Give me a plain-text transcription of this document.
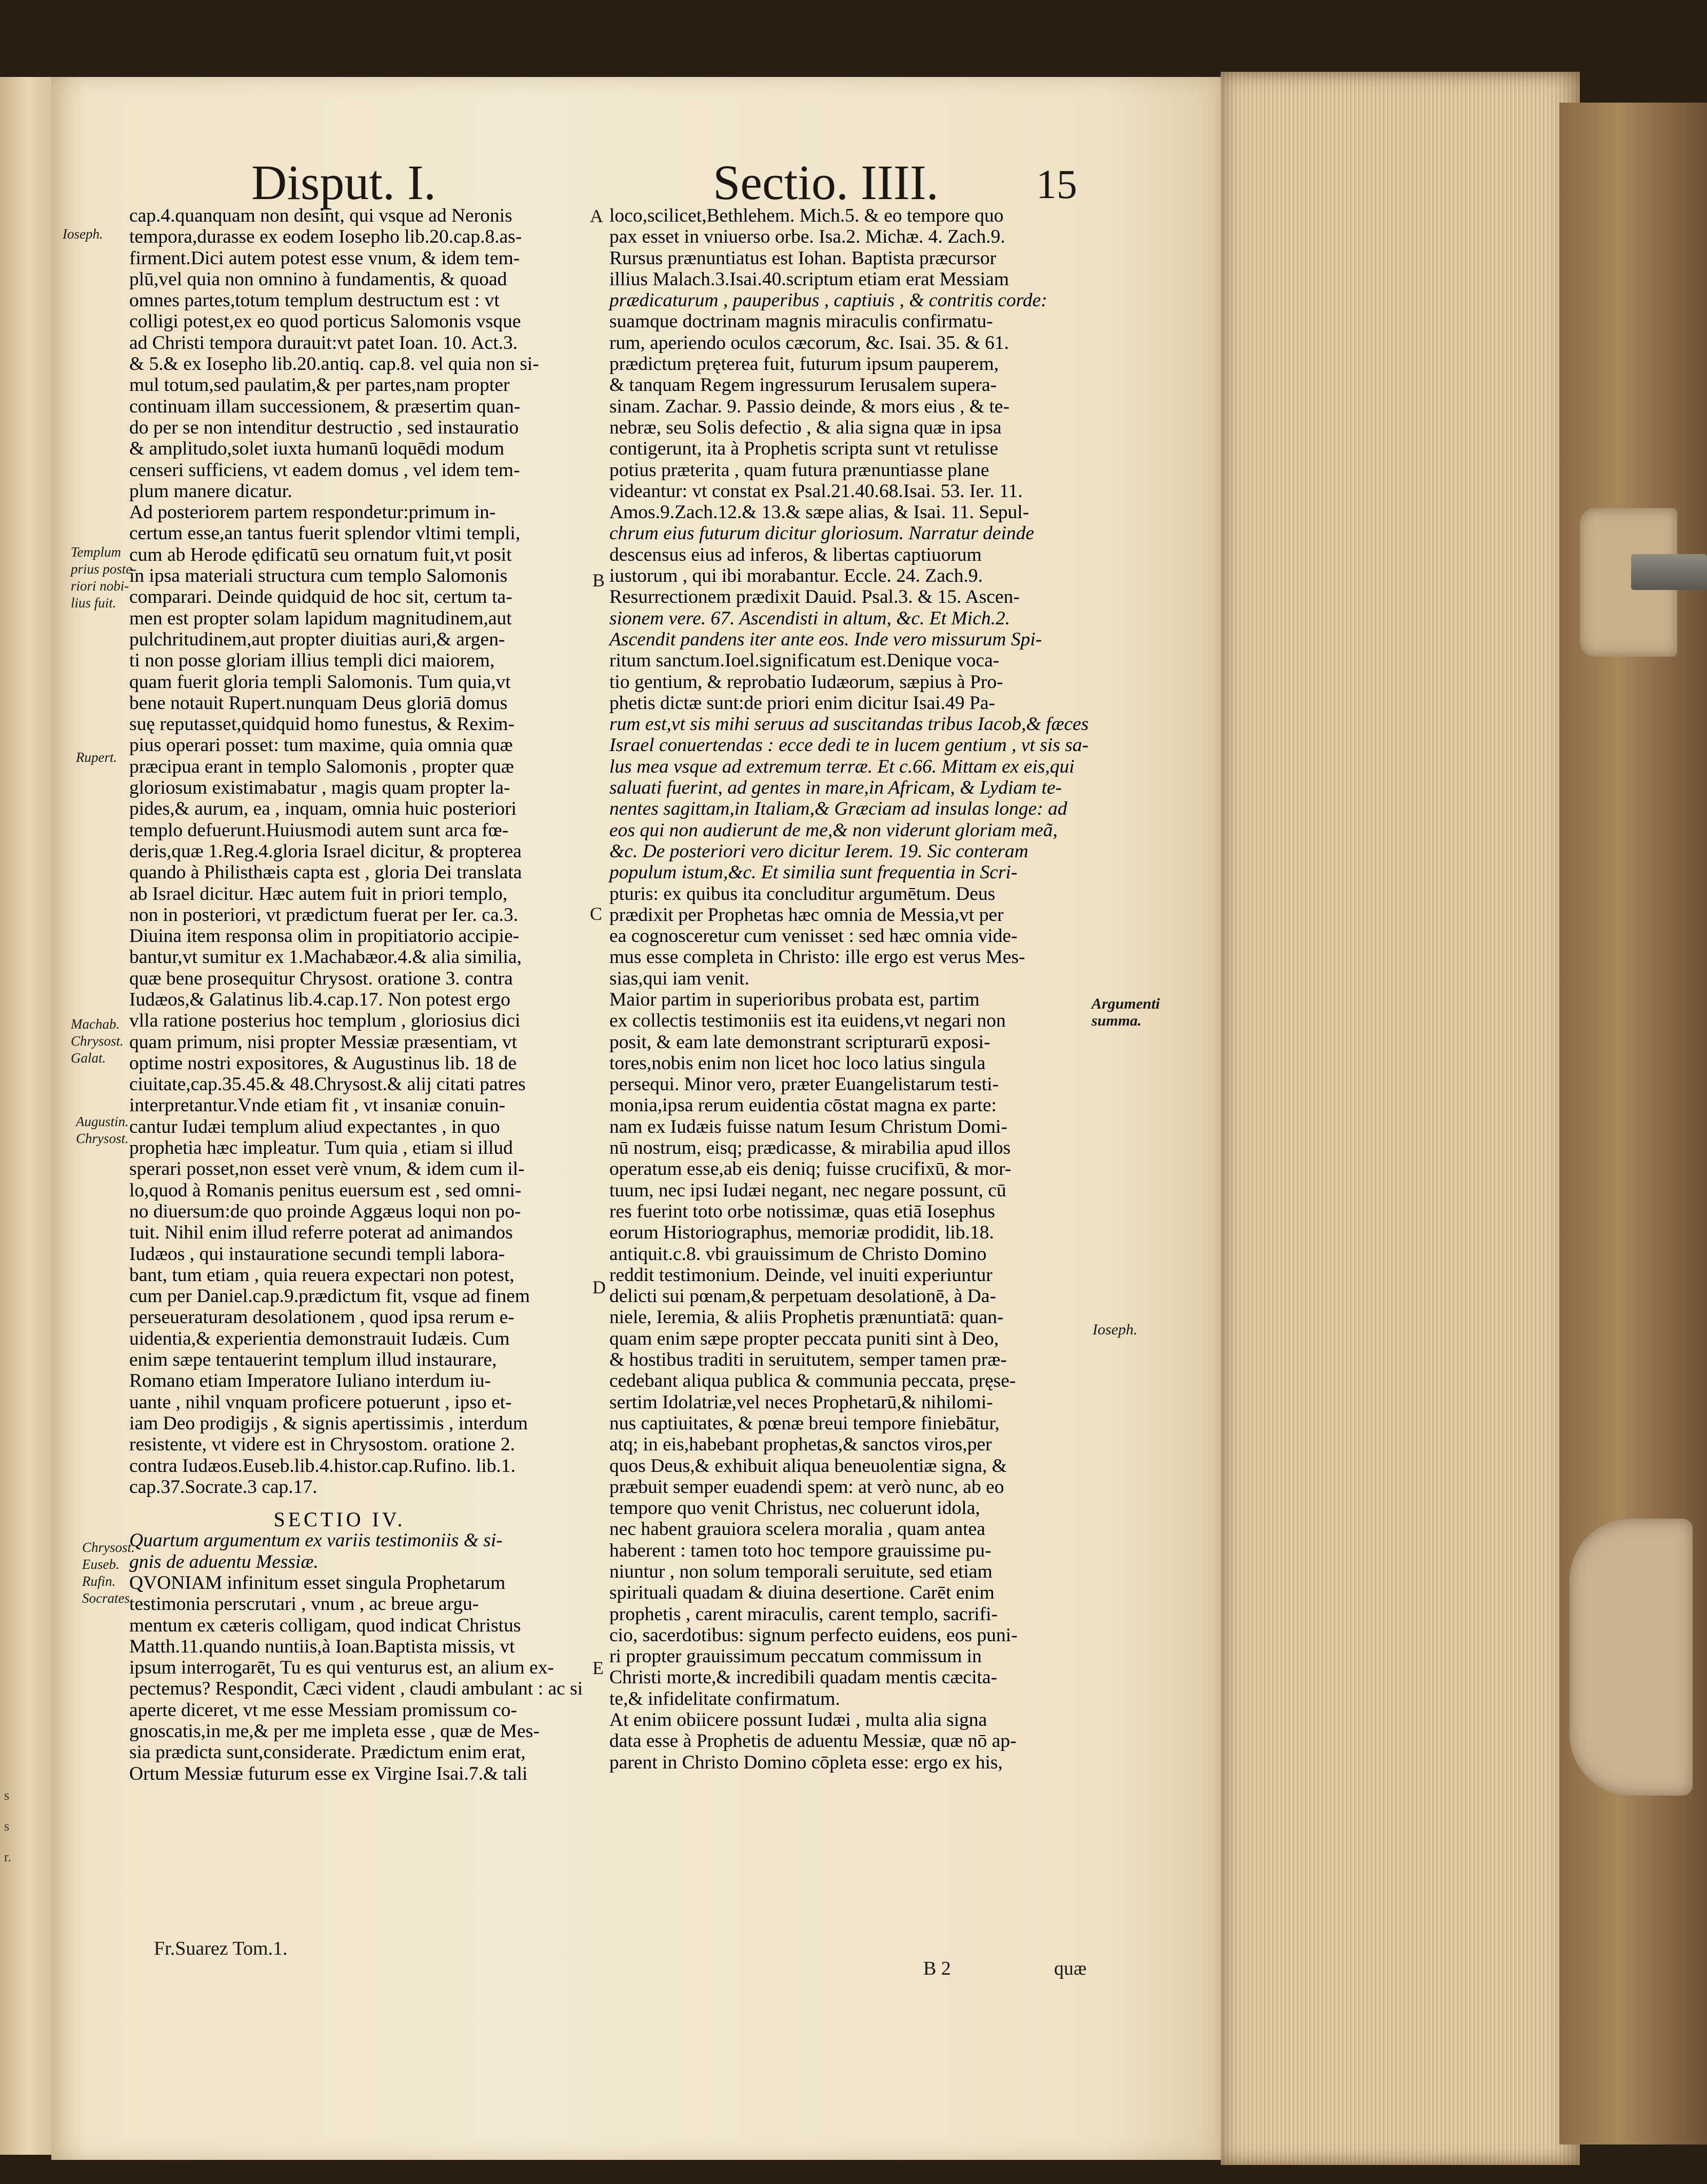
s
s
r.
Disput. I.	Sectio. IIII. 15
cap.4.quanquam non desint, qui vsque ad Neronis
tempora,durasse ex eodem Iosepho lib.20.cap.8.as-
firment.Dici autem potest esse vnum, & idem tem-
plū,vel quia non omnino à fundamentis, & quoad
omnes partes,totum templum destructum est : vt
colligi potest,ex eo quod porticus Salomonis vsque
ad Christi tempora durauit:vt patet Ioan. 10. Act.3.
& 5.& ex Iosepho lib.20.antiq. cap.8. vel quia non si-
mul totum,sed paulatim,& per partes,nam propter
continuam illam successionem, & præsertim quan-
do per se non intenditur destructio , sed instauratio
& amplitudo,solet iuxta humanū loquēdi modum
censeri sufficiens, vt eadem domus , vel idem tem-
plum manere dicatur.
Ad posteriorem partem respondetur:primum in-
certum esse,an tantus fuerit splendor vltimi templi,
cum ab Herode ędificatū seu ornatum fuit,vt posit
in ipsa materiali structura cum templo Salomonis
comparari. Deinde quidquid de hoc sit, certum ta-
men est propter solam lapidum magnitudinem,aut
pulchritudinem,aut propter diuitias auri,& argen-
ti non posse gloriam illius templi dici maiorem,
quam fuerit gloria templi Salomonis. Tum quia,vt
bene notauit Rupert.nunquam Deus gloriā domus
suę reputasset,quidquid homo funestus, & Rexim-
pius operari posset: tum maxime, quia omnia quæ
præcipua erant in templo Salomonis , propter quæ
gloriosum existimabatur , magis quam propter la-
pides,& aurum, ea , inquam, omnia huic posteriori
templo defuerunt.Huiusmodi autem sunt arca fœ-
deris,quæ 1.Reg.4.gloria Israel dicitur, & propterea
quando à Philisthæis capta est , gloria Dei translata
ab Israel dicitur. Hæc autem fuit in priori templo,
non in posteriori, vt prædictum fuerat per Ier. ca.3.
Diuina item responsa olim in propitiatorio accipie-
bantur,vt sumitur ex 1.Machabæor.4.& alia similia,
quæ bene prosequitur Chrysost. oratione 3. contra
Iudæos,& Galatinus lib.4.cap.17. Non potest ergo
vlla ratione posterius hoc templum , gloriosius dici
quam primum, nisi propter Messiæ præsentiam, vt
optime nostri expositores, & Augustinus lib. 18 de
ciuitate,cap.35.45.& 48.Chrysost.& alij citati patres
interpretantur.Vnde etiam fit , vt insaniæ conuin-
cantur Iudæi templum aliud expectantes , in quo
prophetia hæc impleatur. Tum quia , etiam si illud
sperari posset,non esset verè vnum, & idem cum il-
lo,quod à Romanis penitus euersum est , sed omni-
no diuersum:de quo proinde Aggæus loqui non po-
tuit. Nihil enim illud referre poterat ad animandos
Iudæos , qui instauratione secundi templi labora-
bant, tum etiam , quia reuera expectari non potest,
cum per Daniel.cap.9.prædictum fit, vsque ad finem
perseueraturam desolationem , quod ipsa rerum e-
uidentia,& experientia demonstrauit Iudæis. Cum
enim sæpe tentauerint templum illud instaurare,
Romano etiam Imperatore Iuliano interdum iu-
uante , nihil vnquam proficere potuerunt , ipso et-
iam Deo prodigijs , & signis apertissimis , interdum
resistente, vt videre est in Chrysostom. oratione 2.
contra Iudæos.Euseb.lib.4.histor.cap.Rufino. lib.1.
cap.37.Socrate.3 cap.17.
SECTIO IV.
Quartum argumentum ex variis testimoniis & si-
gnis de aduentu Messiæ.
QVONIAM infinitum esset singula Prophetarum
testimonia perscrutari , vnum , ac breue argu-
mentum ex cæteris colligam, quod indicat Christus
Matth.11.quando nuntiis,à Ioan.Baptista missis, vt
ipsum interrogarēt, Tu es qui venturus est, an alium ex-
pectemus? Respondit, Cæci vident , claudi ambulant : ac si
aperte diceret, vt me esse Messiam promissum co-
gnoscatis,in me,& per me impleta esse , quæ de Mes-
sia prædicta sunt,considerate. Prædictum enim erat,
Ortum Messiæ futurum esse ex Virgine Isai.7.& tali
loco,scilicet,Bethlehem. Mich.5. & eo tempore quo
pax esset in vniuerso orbe. Isa.2. Michæ. 4. Zach.9.
Rursus prænuntiatus est Iohan. Baptista præcursor
illius Malach.3.Isai.40.scriptum etiam erat Messiam
prædicaturum , pauperibus , captiuis , & contritis corde:
suamque doctrinam magnis miraculis confirmatu-
rum, aperiendo oculos cæcorum, &c. Isai. 35. & 61.
prædictum pręterea fuit, futurum ipsum pauperem,
& tanquam Regem ingressurum Ierusalem supera-
sinam. Zachar. 9. Passio deinde, & mors eius , & te-
nebræ, seu Solis defectio , & alia signa quæ in ipsa
contigerunt, ita à Prophetis scripta sunt vt retulisse
potius præterita , quam futura prænuntiasse plane
videantur: vt constat ex Psal.21.40.68.Isai. 53. Ier. 11.
Amos.9.Zach.12.& 13.& sæpe alias, & Isai. 11. Sepul-
chrum eius futurum dicitur gloriosum. Narratur deinde
descensus eius ad inferos, & libertas captiuorum
iustorum , qui ibi morabantur. Eccle. 24. Zach.9.
Resurrectionem prædixit Dauid. Psal.3. & 15. Ascen-
sionem vere. 67. Ascendisti in altum, &c. Et Mich.2.
Ascendit pandens iter ante eos. Inde vero missurum Spi-
ritum sanctum.Ioel.significatum est.Denique voca-
tio gentium, & reprobatio Iudæorum, sæpius à Pro-
phetis dictæ sunt:de priori enim dicitur Isai.49 Pa-
rum est,vt sis mihi seruus ad suscitandas tribus Iacob,& fæces
Israel conuertendas : ecce dedi te in lucem gentium , vt sis sa-
lus mea vsque ad extremum terræ. Et c.66. Mittam ex eis,qui
saluati fuerint, ad gentes in mare,in Africam, & Lydiam te-
nentes sagittam,in Italiam,& Græciam ad insulas longe: ad
eos qui non audierunt de me,& non viderunt gloriam meã,
&c. De posteriori vero dicitur Ierem. 19. Sic conteram
populum istum,&c. Et similia sunt frequentia in Scri-
pturis: ex quibus ita concluditur argumētum. Deus
prædixit per Prophetas hæc omnia de Messia,vt per
ea cognosceretur cum venisset : sed hæc omnia vide-
mus esse completa in Christo: ille ergo est verus Mes-
sias,qui iam venit.
Maior partim in superioribus probata est, partim
ex collectis testimoniis est ita euidens,vt negari non
posit, & eam late demonstrant scripturarū exposi-
tores,nobis enim non licet hoc loco latius singula
persequi. Minor vero, præter Euangelistarum testi-
monia,ipsa rerum euidentia cōstat magna ex parte:
nam ex Iudæis fuisse natum Iesum Christum Domi-
nū nostrum, eisq; prædicasse, & mirabilia apud illos
operatum esse,ab eis deniq; fuisse crucifixū, & mor-
tuum, nec ipsi Iudæi negant, nec negare possunt, cū
res fuerint toto orbe notissimæ, quas etiā Iosephus
eorum Historiographus, memoriæ prodidit, lib.18.
antiquit.c.8. vbi grauissimum de Christo Domino
reddit testimonium. Deinde, vel inuiti experiuntur
delicti sui pœnam,& perpetuam desolationē, à Da-
niele, Ieremia, & aliis Prophetis prænuntiatā: quan-
quam enim sæpe propter peccata puniti sint à Deo,
& hostibus traditi in seruitutem, semper tamen præ-
cedebant aliqua publica & communia peccata, pręse-
sertim Idolatriæ,vel neces Prophetarū,& nihilomi-
nus captiuitates, & pœnæ breui tempore finiebātur,
atq; in eis,habebant prophetas,& sanctos viros,per
quos Deus,& exhibuit aliqua beneuolentiæ signa, &
præbuit semper euadendi spem: at verò nunc, ab eo
tempore quo venit Christus, nec coluerunt idola,
nec habent grauiora scelera moralia , quam antea
haberent : tamen toto hoc tempore grauissime pu-
niuntur , non solum temporali seruitute, sed etiam
spirituali quadam & diuina desertione. Carēt enim
prophetis , carent miraculis, carent templo, sacrifi-
cio, sacerdotibus: signum perfecto euidens, eos puni-
ri propter grauissimum peccatum commissum in
Christi morte,& incredibili quadam mentis cæcita-
te,& infidelitate confirmatum.
At enim obiicere possunt Iudæi , multa alia signa
data esse à Prophetis de aduentu Messiæ, quæ nō ap-
parent in Christo Domino cōpleta esse: ergo ex his,
Ioseph.
Templum
prius poste-
riori nobi-
lius fuit.
Rupert.
Machab.
Chrysost.
Galat.
Augustin.
Chrysost.
Chrysost.
Euseb.
Rufin.
Socrates.
Argumenti
summa.
Ioseph.
A
B
C
D
E
Fr.Suarez Tom.1.
B 2	quæ
